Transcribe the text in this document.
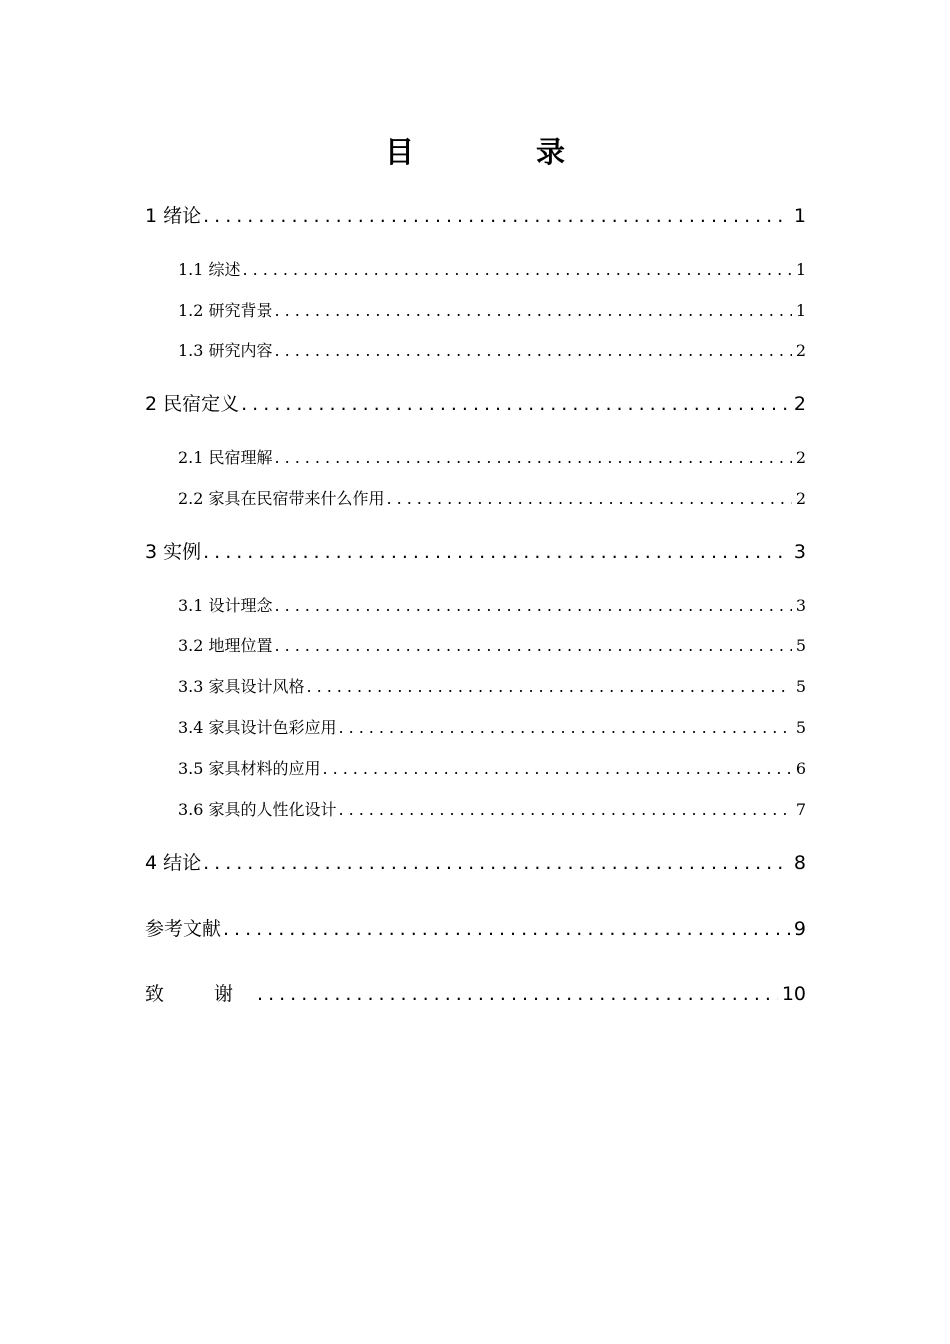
目 录
1 绪论 .....	1
1.1 综述 .....	1
1.2 研究背景 .....	1
1.3 研究内容 .....	2
2 民宿定义 .....	2
2.1 民宿理解 .....	2
2.2 家具在民宿带来什么作用 .....	2
3 实例 .....	3
3.1 设计理念 .....	3
3.2 地理位置 .....	5
3.3 家具设计风格 .....	5
3.4 家具设计色彩应用 .....	5
3.5 家具材料的应用 .....	6
3.6 家具的人性化设计 .....	7
4 结论 .....	8
参考文献 .....	9
致 谢 .....	10
